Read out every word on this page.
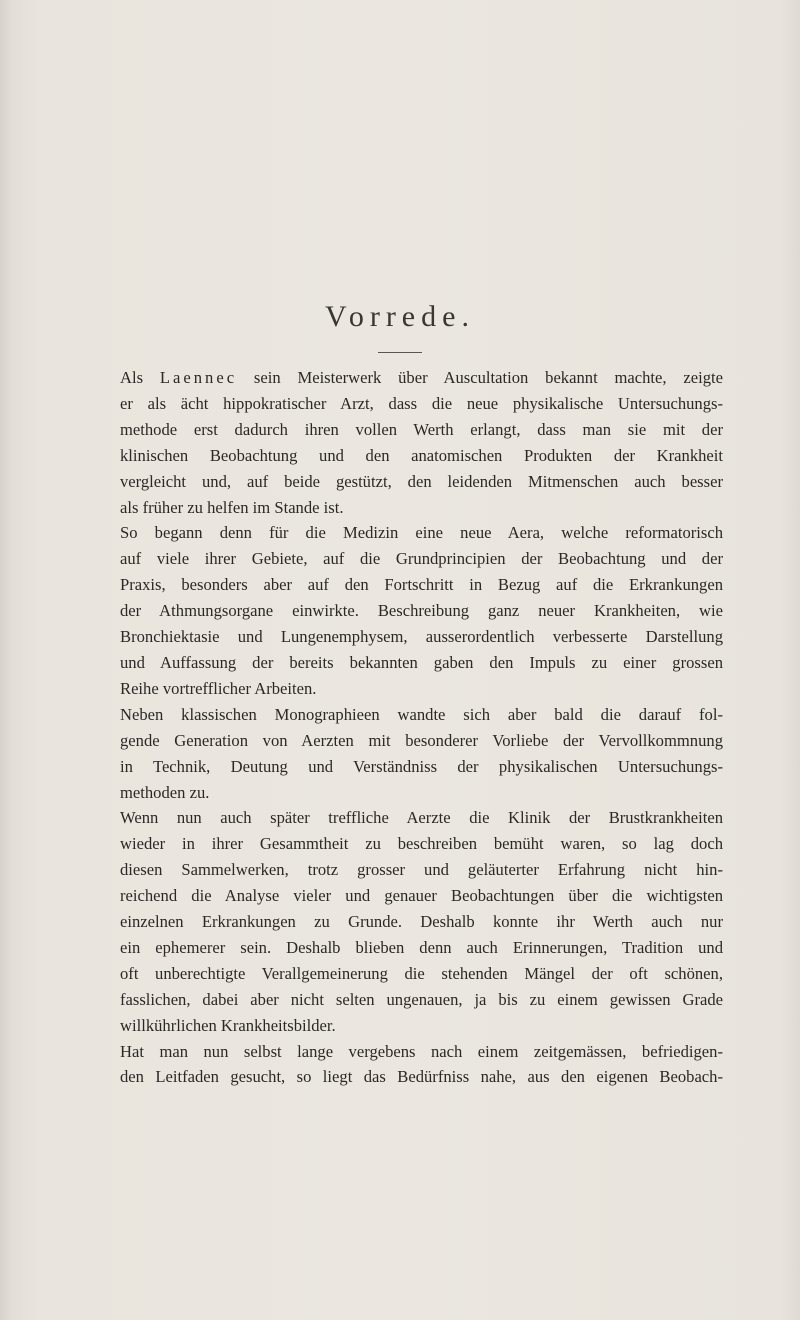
Vorrede.

Als Laennec sein Meisterwerk über Auscultation bekannt machte, zeigte
er als ächt hippokratischer Arzt, dass die neue physikalische Untersuchungs-
methode erst dadurch ihren vollen Werth erlangt, dass man sie mit der
klinischen Beobachtung und den anatomischen Produkten der Krankheit
vergleicht und, auf beide gestützt, den leidenden Mitmenschen auch besser
als früher zu helfen im Stande ist.

So begann denn für die Medizin eine neue Aera, welche reformatorisch
auf viele ihrer Gebiete, auf die Grundprincipien der Beobachtung und der
Praxis, besonders aber auf den Fortschritt in Bezug auf die Erkrankungen
der Athmungsorgane einwirkte. Beschreibung ganz neuer Krankheiten, wie
Bronchiektasie und Lungenemphysem, ausserordentlich verbesserte Darstellung
und Auffassung der bereits bekannten gaben den Impuls zu einer grossen
Reihe vortrefflicher Arbeiten.

Neben klassischen Monographieen wandte sich aber bald die darauf fol-
gende Generation von Aerzten mit besonderer Vorliebe der Vervollkommnung
in Technik, Deutung und Verständniss der physikalischen Untersuchungs-
methoden zu.

Wenn nun auch später treffliche Aerzte die Klinik der Brustkrankheiten
wieder in ihrer Gesammtheit zu beschreiben bemüht waren, so lag doch
diesen Sammelwerken, trotz grosser und geläuterter Erfahrung nicht hin-
reichend die Analyse vieler und genauer Beobachtungen über die wichtigsten
einzelnen Erkrankungen zu Grunde. Deshalb konnte ihr Werth auch nur
ein ephemerer sein. Deshalb blieben denn auch Erinnerungen, Tradition und
oft unberechtigte Verallgemeinerung die stehenden Mängel der oft schönen,
fasslichen, dabei aber nicht selten ungenauen, ja bis zu einem gewissen Grade
willkührlichen Krankheitsbilder.

Hat man nun selbst lange vergebens nach einem zeitgemässen, befriedigen-
den Leitfaden gesucht, so liegt das Bedürfniss nahe, aus den eigenen Beobach-
